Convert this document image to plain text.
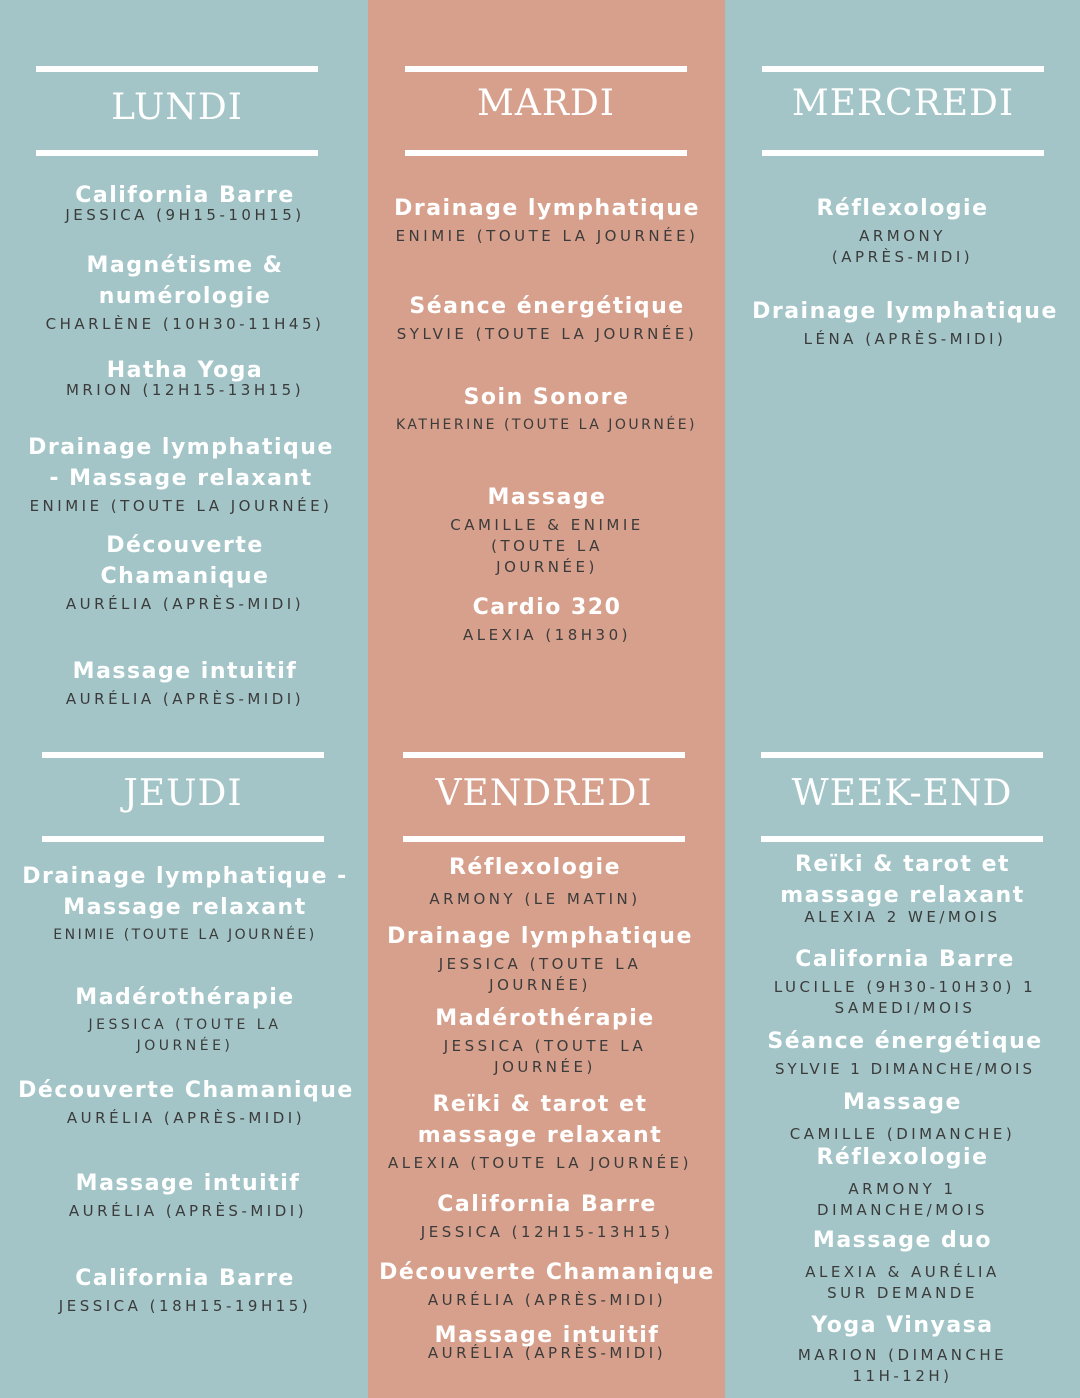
LUNDI	MARDI	MERCREDI
JEUDI	VENDREDI	WEEK-END
California Barre
JESSICA (9H15-10H15)
Magnétisme & numérologie
CHARLÈNE (10H30-11H45)
Hatha Yoga
MRION (12H15-13H15)
Drainage lymphatique - Massage relaxant
ENIMIE (TOUTE LA JOURNÉE)
Découverte Chamanique
AURÉLIA (APRÈS-MIDI)
Massage intuitif
AURÉLIA (APRÈS-MIDI)
Drainage lymphatique
ENIMIE (TOUTE LA JOURNÉE)
Séance énergétique
SYLVIE (TOUTE LA JOURNÉE)
Soin Sonore
KATHERINE (TOUTE LA JOURNÉE)
Massage
CAMILLE & ENIMIE (TOUTE LA JOURNÉE)
Cardio 320
ALEXIA (18H30)
Réflexologie
ARMONY (APRÈS-MIDI)
Drainage lymphatique
LÉNA (APRÈS-MIDI)
Drainage lymphatique - Massage relaxant
ENIMIE (TOUTE LA JOURNÉE)
Madérothérapie
JESSICA (TOUTE LA JOURNÉE)
Découverte Chamanique
AURÉLIA (APRÈS-MIDI)
Massage intuitif
AURÉLIA (APRÈS-MIDI)
California Barre
JESSICA (18H15-19H15)
Réflexologie
ARMONY (LE MATIN)
Drainage lymphatique
JESSICA (TOUTE LA JOURNÉE)
Madérothérapie
JESSICA (TOUTE LA JOURNÉE)
Reïki & tarot et massage relaxant
ALEXIA (TOUTE LA JOURNÉE)
California Barre
JESSICA (12H15-13H15)
Découverte Chamanique
AURÉLIA (APRÈS-MIDI)
Massage intuitif
AURÉLIA (APRÈS-MIDI)
Reïki & tarot et massage relaxant
ALEXIA 2 WE/MOIS
California Barre
LUCILLE (9H30-10H30) 1 SAMEDI/MOIS
Séance énergétique
SYLVIE 1 DIMANCHE/MOIS
Massage
CAMILLE (DIMANCHE)
Réflexologie
ARMONY 1 DIMANCHE/MOIS
Massage duo
ALEXIA & AURÉLIA SUR DEMANDE
Yoga Vinyasa
MARION (DIMANCHE 11H-12H)
